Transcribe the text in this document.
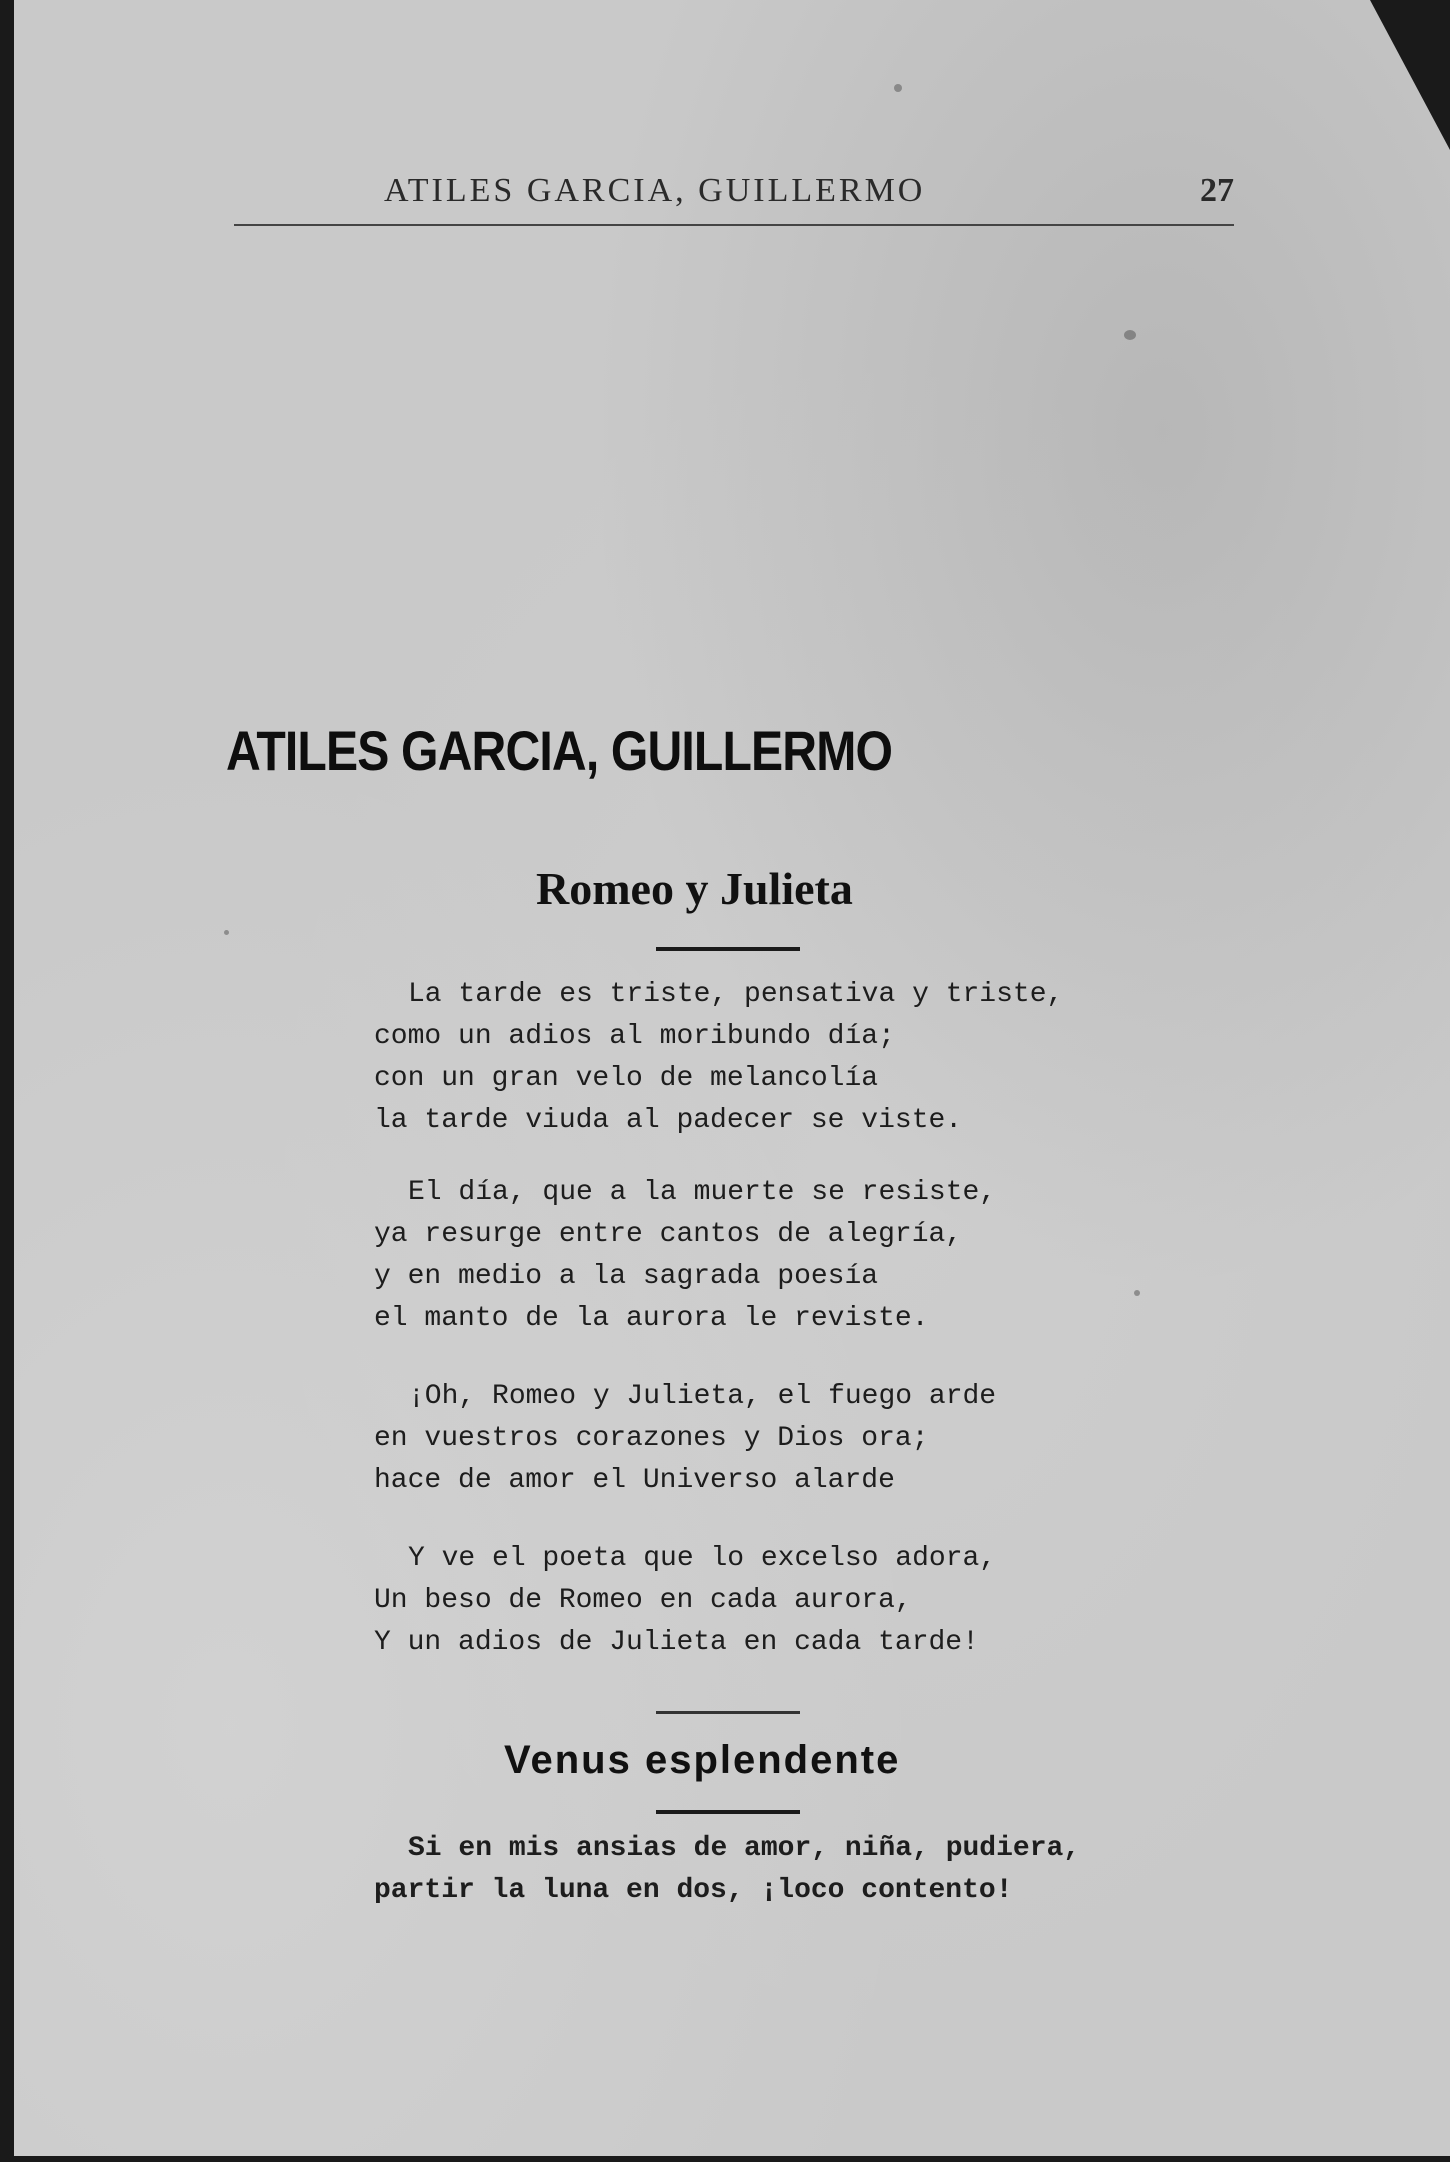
ATILES GARCIA, GUILLERMO	27
ATILES GARCIA, GUILLERMO
Romeo y Julieta
La tarde es triste, pensativa y triste,
como un adios al moribundo día;
con un gran velo de melancolía
la tarde viuda al padecer se viste.
El día, que a la muerte se resiste,
ya resurge entre cantos de alegría,
y en medio a la sagrada poesía
el manto de la aurora le reviste.
¡Oh, Romeo y Julieta, el fuego arde
en vuestros corazones y Dios ora;
hace de amor el Universo alarde
Y ve el poeta que lo excelso adora,
Un beso de Romeo en cada aurora,
Y un adios de Julieta en cada tarde!
Venus esplendente
Si en mis ansias de amor, niña, pudiera,
partir la luna en dos, ¡loco contento!
